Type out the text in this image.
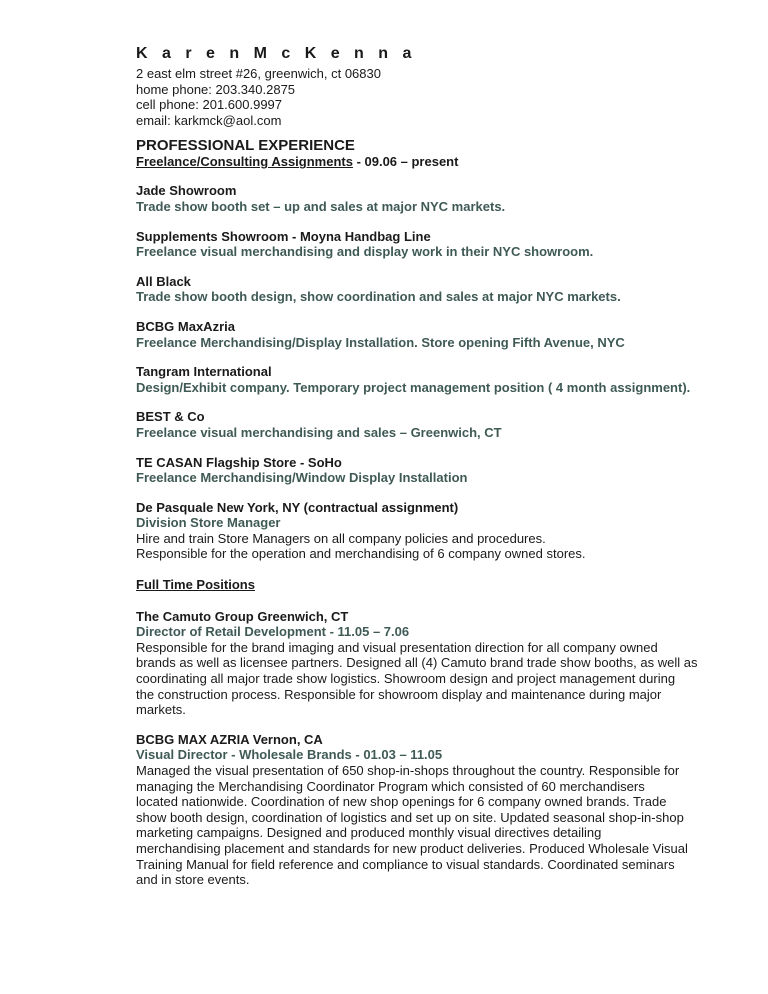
K a r e n M c K e n n a
2 east elm street #26, greenwich, ct 06830
home phone: 203.340.2875
cell phone: 201.600.9997
email: karkmck@aol.com
PROFESSIONAL EXPERIENCE
Freelance/Consulting Assignments - 09.06 – present
Jade Showroom
Trade show booth set – up and sales at major NYC markets.
Supplements Showroom - Moyna Handbag Line
Freelance visual merchandising and display work in their NYC showroom.
All Black
Trade show booth design, show coordination and sales at major NYC markets.
BCBG MaxAzria
Freelance Merchandising/Display Installation. Store opening Fifth Avenue, NYC
Tangram International
Design/Exhibit company. Temporary project management position ( 4 month assignment).
BEST & Co
Freelance visual merchandising and sales – Greenwich, CT
TE CASAN Flagship Store - SoHo
Freelance Merchandising/Window Display Installation
De Pasquale New York, NY (contractual assignment)
Division Store Manager
Hire and train Store Managers on all company policies and procedures.
Responsible for the operation and merchandising of 6 company owned stores.
Full Time Positions
The Camuto Group Greenwich, CT
Director of Retail Development - 11.05 – 7.06
Responsible for the brand imaging and visual presentation direction for all company owned
brands as well as licensee partners. Designed all (4) Camuto brand trade show booths, as well as
coordinating all major trade show logistics. Showroom design and project management during
the construction process. Responsible for showroom display and maintenance during major
markets.
BCBG MAX AZRIA Vernon, CA
Visual Director - Wholesale Brands - 01.03 – 11.05
Managed the visual presentation of 650 shop-in-shops throughout the country. Responsible for
managing the Merchandising Coordinator Program which consisted of 60 merchandisers
located nationwide. Coordination of new shop openings for 6 company owned brands. Trade
show booth design, coordination of logistics and set up on site. Updated seasonal shop-in-shop
marketing campaigns. Designed and produced monthly visual directives detailing
merchandising placement and standards for new product deliveries. Produced Wholesale Visual
Training Manual for field reference and compliance to visual standards. Coordinated seminars
and in store events.
